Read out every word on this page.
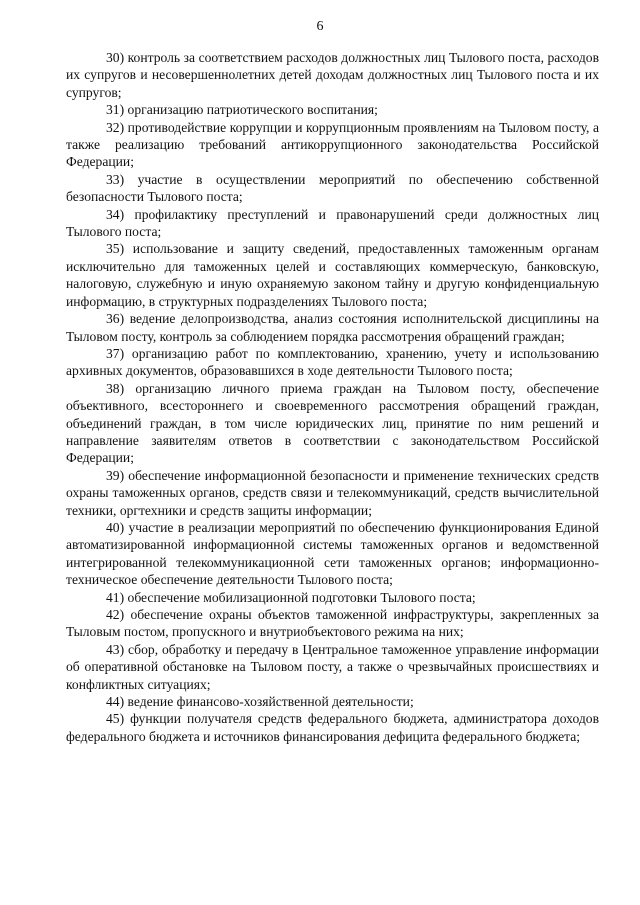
6

30) контроль за соответствием расходов должностных лиц Тылового поста, расходов их супругов и несовершеннолетних детей доходам должностных лиц Тылового поста и их супругов;

31) организацию патриотического воспитания;

32) противодействие коррупции и коррупционным проявлениям на Тыловом посту, а также реализацию требований антикоррупционного законодательства Российской Федерации;

33) участие в осуществлении мероприятий по обеспечению собственной безопасности Тылового поста;

34) профилактику преступлений и правонарушений среди должностных лиц Тылового поста;

35) использование и защиту сведений, предоставленных таможенным органам исключительно для таможенных целей и составляющих коммерческую, банковскую, налоговую, служебную и иную охраняемую законом тайну и другую конфиденциальную информацию, в структурных подразделениях Тылового поста;

36) ведение делопроизводства, анализ состояния исполнительской дисциплины на Тыловом посту, контроль за соблюдением порядка рассмотрения обращений граждан;

37) организацию работ по комплектованию, хранению, учету и использованию архивных документов, образовавшихся в ходе деятельности Тылового поста;

38) организацию личного приема граждан на Тыловом посту, обеспечение объективного, всестороннего и своевременного рассмотрения обращений граждан, объединений граждан, в том числе юридических лиц, принятие по ним решений и направление заявителям ответов в соответствии с законодательством Российской Федерации;

39) обеспечение информационной безопасности и применение технических средств охраны таможенных органов, средств связи и телекоммуникаций, средств вычислительной техники, оргтехники и средств защиты информации;

40) участие в реализации мероприятий по обеспечению функционирования Единой автоматизированной информационной системы таможенных органов и ведомственной интегрированной телекоммуникационной сети таможенных органов; информационно-техническое обеспечение деятельности Тылового поста;

41) обеспечение мобилизационной подготовки Тылового поста;

42) обеспечение охраны объектов таможенной инфраструктуры, закрепленных за Тыловым постом, пропускного и внутриобъектового режима на них;

43) сбор, обработку и передачу в Центральное таможенное управление информации об оперативной обстановке на Тыловом посту, а также о чрезвычайных происшествиях и конфликтных ситуациях;

44) ведение финансово-хозяйственной деятельности;

45) функции получателя средств федерального бюджета, администратора доходов федерального бюджета и источников финансирования дефицита федерального бюджета;
